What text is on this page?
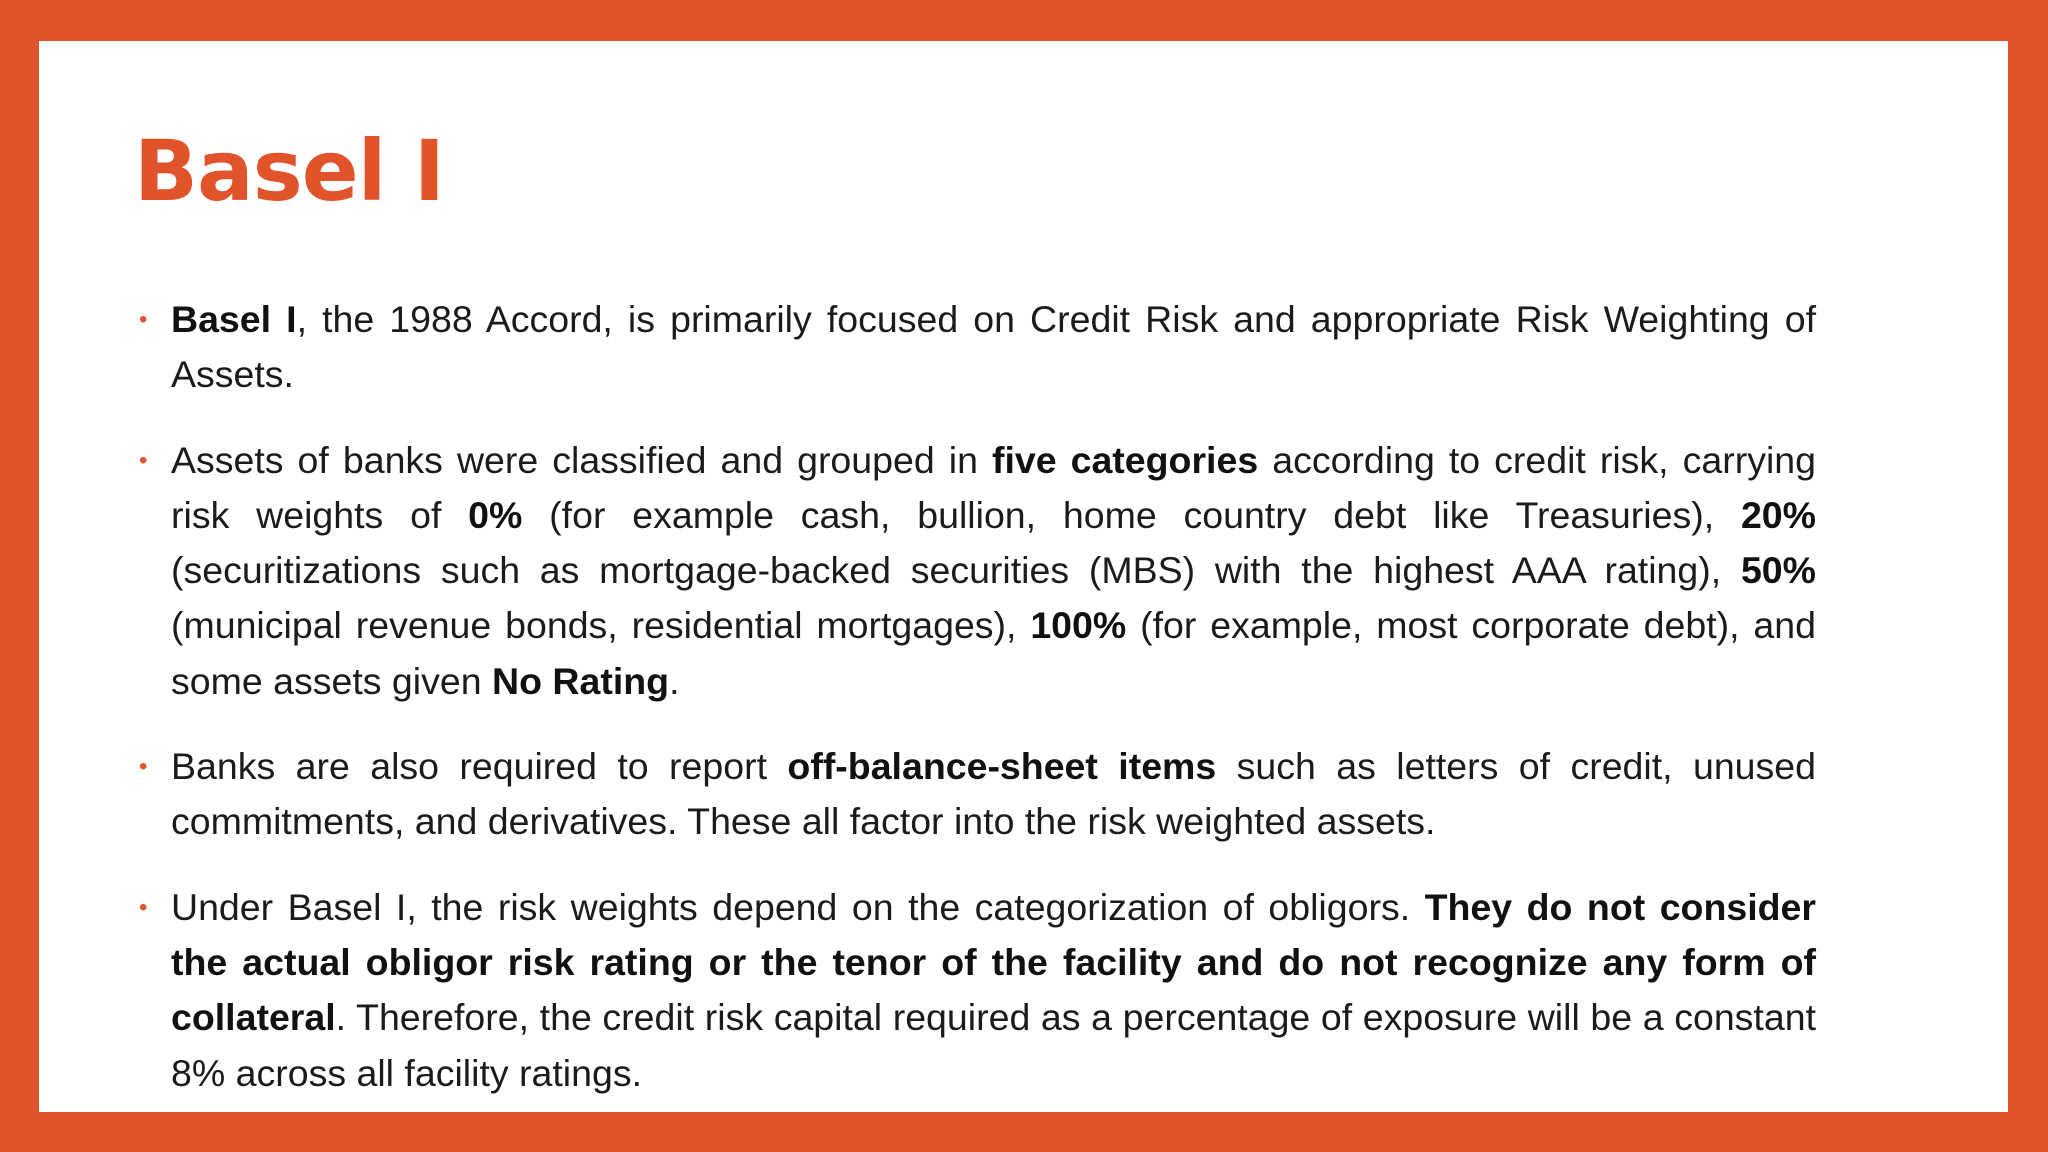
Basel I
• Basel I, the 1988 Accord, is primarily focused on Credit Risk and appropriate Risk Weighting of Assets.
• Assets of banks were classified and grouped in five categories according to credit risk, carrying risk weights of 0% (for example cash, bullion, home country debt like Treasuries), 20% (securitizations such as mortgage-backed securities (MBS) with the highest AAA rating), 50% (municipal revenue bonds, residential mortgages), 100% (for example, most corporate debt), and some assets given No Rating.
• Banks are also required to report off-balance-sheet items such as letters of credit, unused commitments, and derivatives. These all factor into the risk weighted assets.
• Under Basel I, the risk weights depend on the categorization of obligors. They do not consider the actual obligor risk rating or the tenor of the facility and do not recognize any form of collateral. Therefore, the credit risk capital required as a percentage of exposure will be a constant 8% across all facility ratings.
